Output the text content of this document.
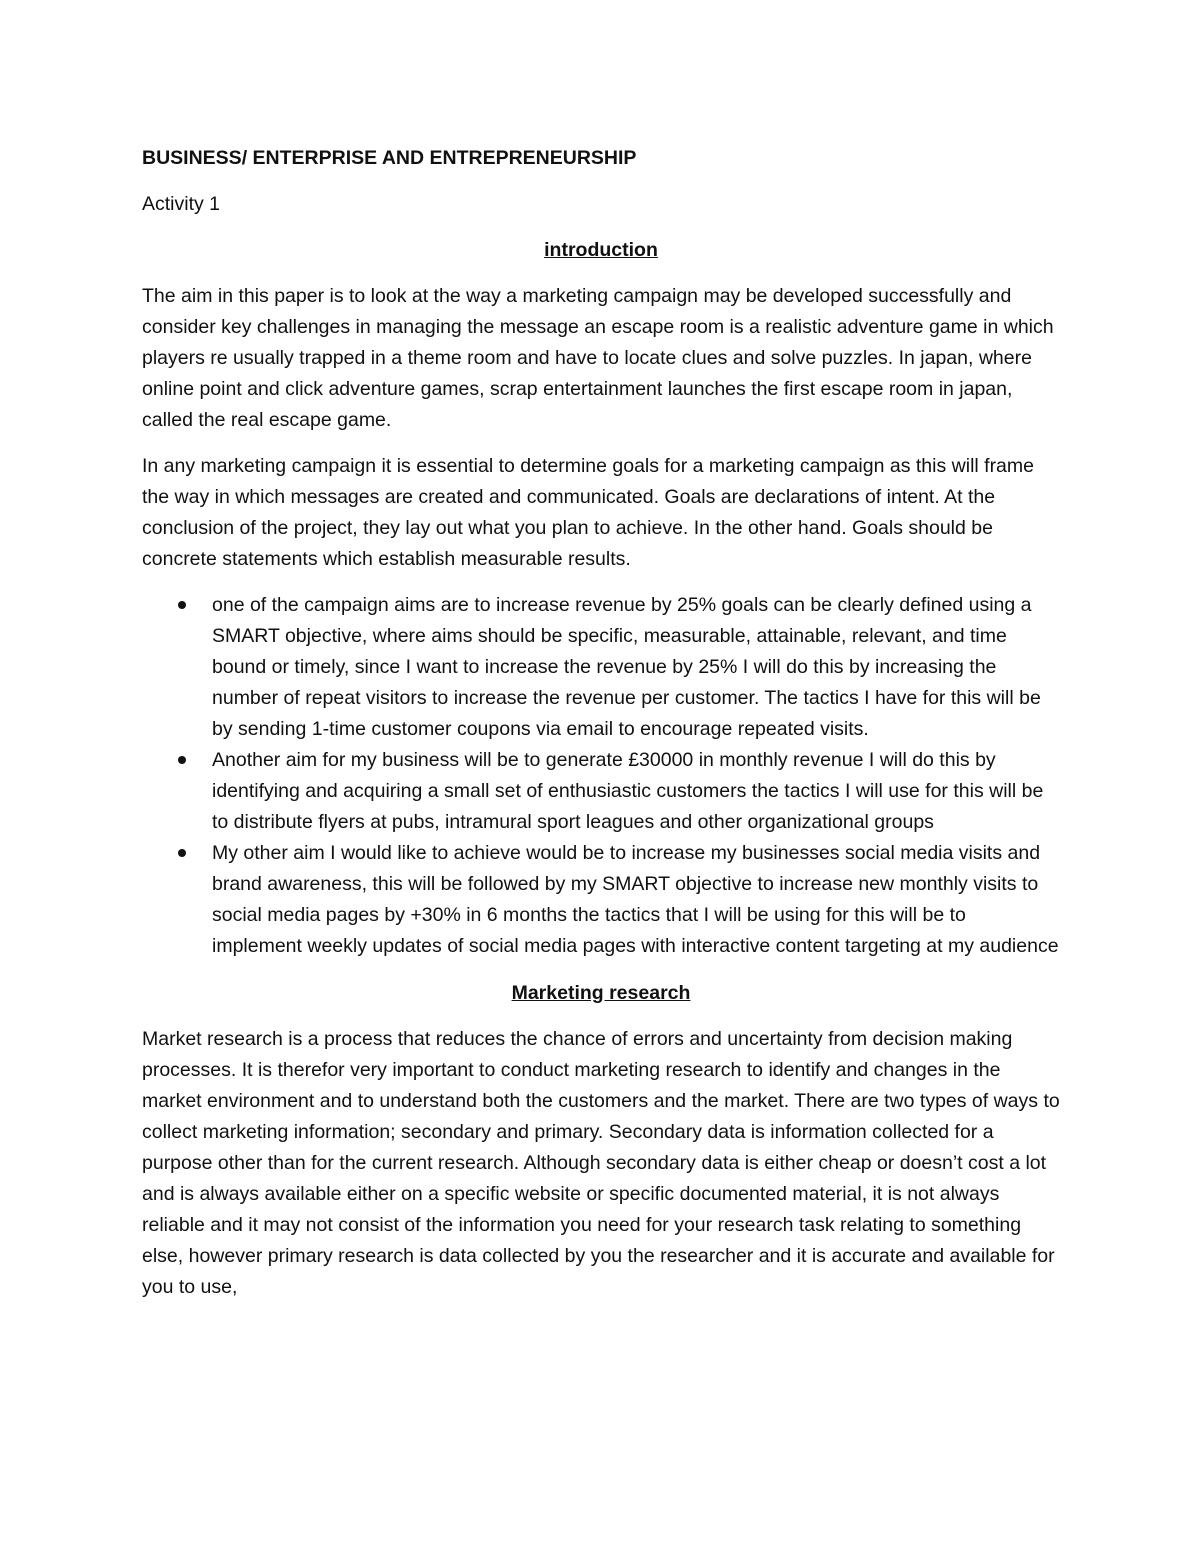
BUSINESS/ ENTERPRISE AND ENTREPRENEURSHIP
Activity 1
introduction

The aim in this paper is to look at the way a marketing campaign may be developed successfully and consider key challenges in managing the message an escape room is a realistic adventure game in which players re usually trapped in a theme room and have to locate clues and solve puzzles. In japan, where online point and click adventure games, scrap entertainment launches the first escape room in japan, called the real escape game.

In any marketing campaign it is essential to determine goals for a marketing campaign as this will frame the way in which messages are created and communicated. Goals are declarations of intent. At the conclusion of the project, they lay out what you plan to achieve. In the other hand. Goals should be concrete statements which establish measurable results.

one of the campaign aims are to increase revenue by 25% goals can be clearly defined using a SMART objective, where aims should be specific, measurable, attainable, relevant, and time bound or timely, since I want to increase the revenue by 25% I will do this by increasing the number of repeat visitors to increase the revenue per customer. The tactics I have for this will be by sending 1-time customer coupons via email to encourage repeated visits.
Another aim for my business will be to generate £30000 in monthly revenue I will do this by identifying and acquiring a small set of enthusiastic customers the tactics I will use for this will be to distribute flyers at pubs, intramural sport leagues and other organizational groups
My other aim I would like to achieve would be to increase my businesses social media visits and brand awareness, this will be followed by my SMART objective to increase new monthly visits to social media pages by +30% in 6 months the tactics that I will be using for this will be to implement weekly updates of social media pages with interactive content targeting at my audience
Marketing research

Market research is a process that reduces the chance of errors and uncertainty from decision making processes. It is therefor very important to conduct marketing research to identify and changes in the market environment and to understand both the customers and the market. There are two types of ways to collect marketing information; secondary and primary. Secondary data is information collected for a purpose other than for the current research. Although secondary data is either cheap or doesn’t cost a lot and is always available either on a specific website or specific documented material, it is not always reliable and it may not consist of the information you need for your research task relating to something else, however primary research is data collected by you the researcher and it is accurate and available for you to use,
